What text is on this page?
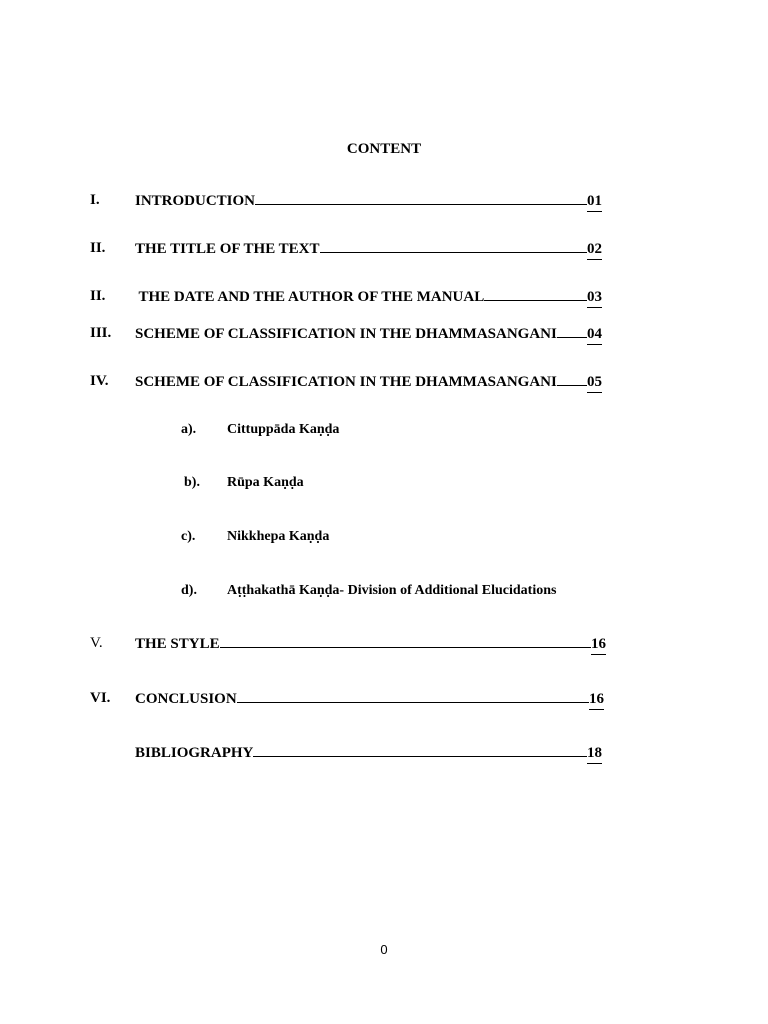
CONTENT
I. INTRODUCTION	01
II. THE TITLE OF THE TEXT	02
II. THE DATE AND THE AUTHOR OF THE MANUAL	03
III. SCHEME OF CLASSIFICATION IN THE DHAMMASANGANI 04
IV. SCHEME OF CLASSIFICATION IN THE DHAMMASANGANI 05
a). Cittuppāda Kaṇḍa
b). Rūpa Kaṇḍa
c). Nikkhepa Kaṇḍa
d). Aṭṭhakathā Kaṇḍa- Division of Additional Elucidations
V. THE STYLE	16
VI. CONCLUSION	16
BIBLIOGRAPHY	18
0
